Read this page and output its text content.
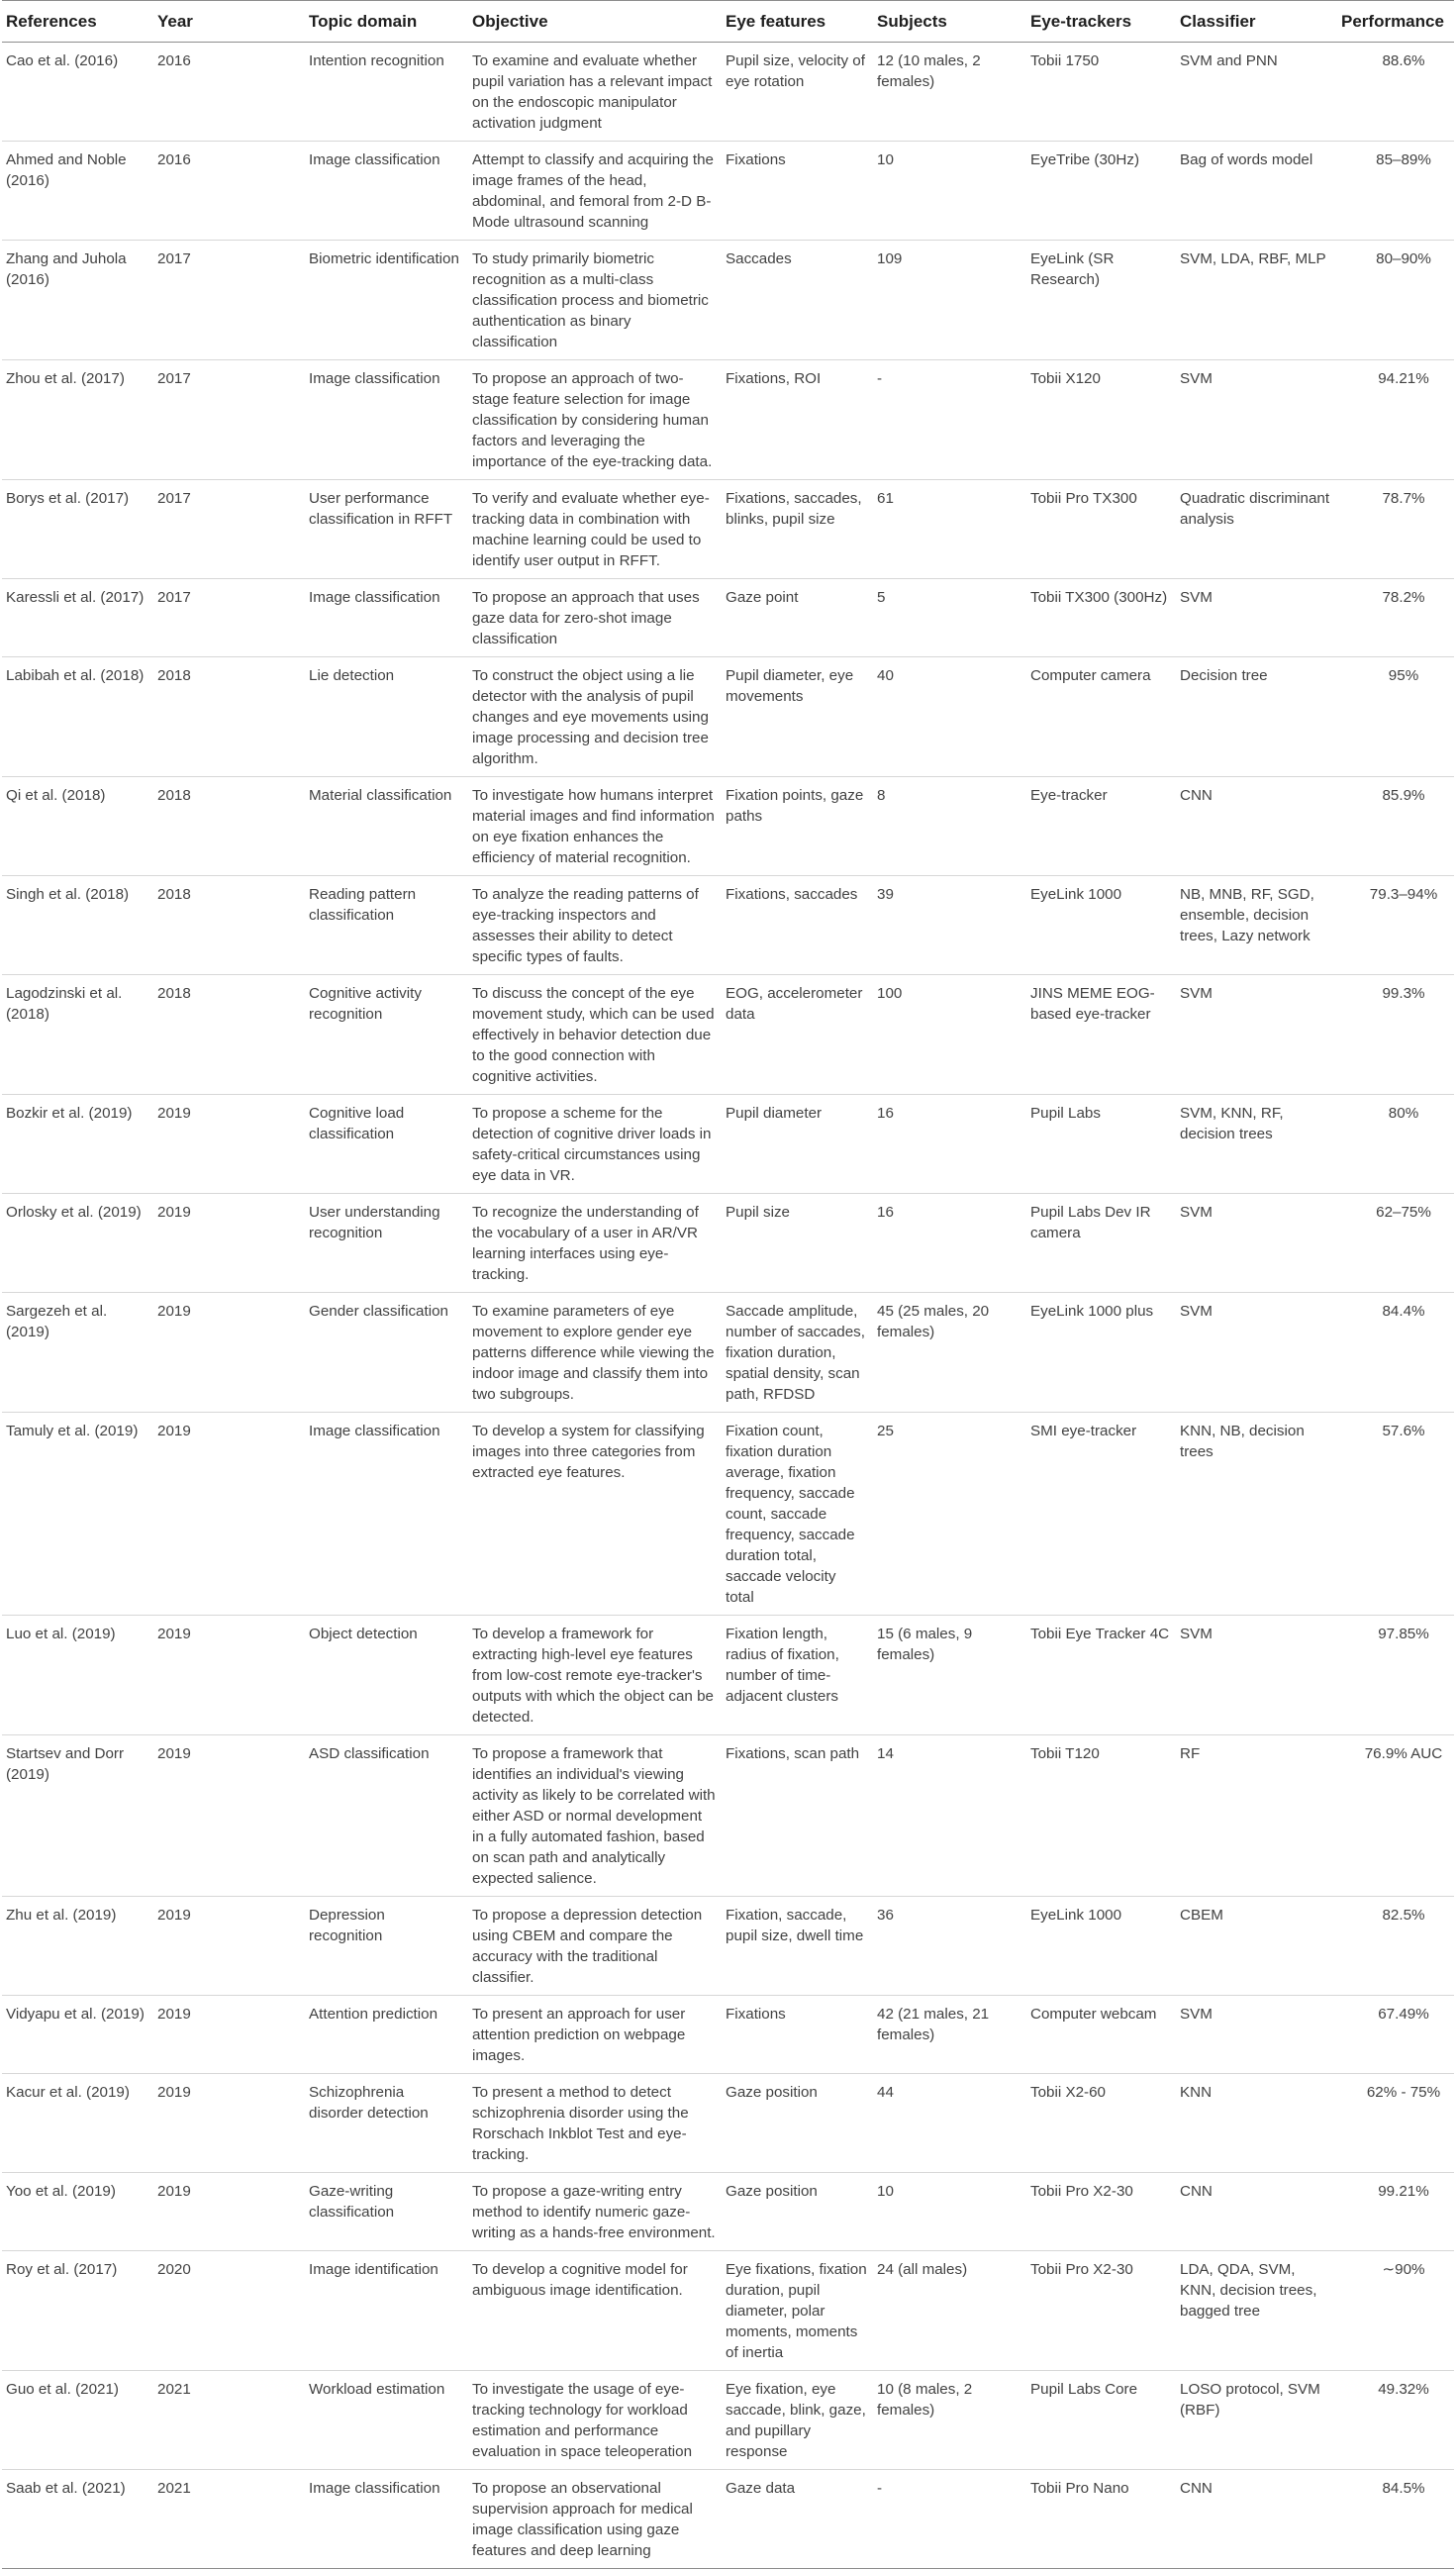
References	Year	Topic domain	Objective	Eye features	Subjects	Eye-trackers	Classifier	Performance
Cao et al. (2016)	2016	Intention recognition	To examine and evaluate whether pupil variation has a relevant impact on the endoscopic manipulator activation judgment	Pupil size, velocity of eye rotation	12 (10 males, 2 females)	Tobii 1750	SVM and PNN	88.6%
Ahmed and Noble (2016)	2016	Image classification	Attempt to classify and acquiring the image frames of the head, abdominal, and femoral from 2-D B-Mode ultrasound scanning	Fixations	10	EyeTribe (30Hz)	Bag of words model	85–89%
Zhang and Juhola (2016)	2017	Biometric identification	To study primarily biometric recognition as a multi-class classification process and biometric authentication as binary classification	Saccades	109	EyeLink (SR Research)	SVM, LDA, RBF, MLP	80–90%
Zhou et al. (2017)	2017	Image classification	To propose an approach of two-stage feature selection for image classification by considering human factors and leveraging the importance of the eye-tracking data.	Fixations, ROI	-	Tobii X120	SVM	94.21%
Borys et al. (2017)	2017	User performance classification in RFFT	To verify and evaluate whether eye-tracking data in combination with machine learning could be used to identify user output in RFFT.	Fixations, saccades, blinks, pupil size	61	Tobii Pro TX300	Quadratic discriminant analysis	78.7%
Karessli et al. (2017)	2017	Image classification	To propose an approach that uses gaze data for zero-shot image classification	Gaze point	5	Tobii TX300 (300Hz)	SVM	78.2%
Labibah et al. (2018)	2018	Lie detection	To construct the object using a lie detector with the analysis of pupil changes and eye movements using image processing and decision tree algorithm.	Pupil diameter, eye movements	40	Computer camera	Decision tree	95%
Qi et al. (2018)	2018	Material classification	To investigate how humans interpret material images and find information on eye fixation enhances the efficiency of material recognition.	Fixation points, gaze paths	8	Eye-tracker	CNN	85.9%
Singh et al. (2018)	2018	Reading pattern classification	To analyze the reading patterns of eye-tracking inspectors and assesses their ability to detect specific types of faults.	Fixations, saccades	39	EyeLink 1000	NB, MNB, RF, SGD, ensemble, decision trees, Lazy network	79.3–94%
Lagodzinski et al. (2018)	2018	Cognitive activity recognition	To discuss the concept of the eye movement study, which can be used effectively in behavior detection due to the good connection with cognitive activities.	EOG, accelerometer data	100	JINS MEME EOG-based eye-tracker	SVM	99.3%
Bozkir et al. (2019)	2019	Cognitive load classification	To propose a scheme for the detection of cognitive driver loads in safety-critical circumstances using eye data in VR.	Pupil diameter	16	Pupil Labs	SVM, KNN, RF, decision trees	80%
Orlosky et al. (2019)	2019	User understanding recognition	To recognize the understanding of the vocabulary of a user in AR/VR learning interfaces using eye-tracking.	Pupil size	16	Pupil Labs Dev IR camera	SVM	62–75%
Sargezeh et al. (2019)	2019	Gender classification	To examine parameters of eye movement to explore gender eye patterns difference while viewing the indoor image and classify them into two subgroups.	Saccade amplitude, number of saccades, fixation duration, spatial density, scan path, RFDSD	45 (25 males, 20 females)	EyeLink 1000 plus	SVM	84.4%
Tamuly et al. (2019)	2019	Image classification	To develop a system for classifying images into three categories from extracted eye features.	Fixation count, fixation duration average, fixation frequency, saccade count, saccade frequency, saccade duration total, saccade velocity total	25	SMI eye-tracker	KNN, NB, decision trees	57.6%
Luo et al. (2019)	2019	Object detection	To develop a framework for extracting high-level eye features from low-cost remote eye-tracker's outputs with which the object can be detected.	Fixation length, radius of fixation, number of time-adjacent clusters	15 (6 males, 9 females)	Tobii Eye Tracker 4C	SVM	97.85%
Startsev and Dorr (2019)	2019	ASD classification	To propose a framework that identifies an individual's viewing activity as likely to be correlated with either ASD or normal development in a fully automated fashion, based on scan path and analytically expected salience.	Fixations, scan path	14	Tobii T120	RF	76.9% AUC
Zhu et al. (2019)	2019	Depression recognition	To propose a depression detection using CBEM and compare the accuracy with the traditional classifier.	Fixation, saccade, pupil size, dwell time	36	EyeLink 1000	CBEM	82.5%
Vidyapu et al. (2019)	2019	Attention prediction	To present an approach for user attention prediction on webpage images.	Fixations	42 (21 males, 21 females)	Computer webcam	SVM	67.49%
Kacur et al. (2019)	2019	Schizophrenia disorder detection	To present a method to detect schizophrenia disorder using the Rorschach Inkblot Test and eye-tracking.	Gaze position	44	Tobii X2-60	KNN	62% - 75%
Yoo et al. (2019)	2019	Gaze-writing classification	To propose a gaze-writing entry method to identify numeric gaze-writing as a hands-free environment.	Gaze position	10	Tobii Pro X2-30	CNN	99.21%
Roy et al. (2017)	2020	Image identification	To develop a cognitive model for ambiguous image identification.	Eye fixations, fixation duration, pupil diameter, polar moments, moments of inertia	24 (all males)	Tobii Pro X2-30	LDA, QDA, SVM, KNN, decision trees, bagged tree	∼90%
Guo et al. (2021)	2021	Workload estimation	To investigate the usage of eye-tracking technology for workload estimation and performance evaluation in space teleoperation	Eye fixation, eye saccade, blink, gaze, and pupillary response	10 (8 males, 2 females)	Pupil Labs Core	LOSO protocol, SVM (RBF)	49.32%
Saab et al. (2021)	2021	Image classification	To propose an observational supervision approach for medical image classification using gaze features and deep learning	Gaze data	-	Tobii Pro Nano	CNN	84.5%
